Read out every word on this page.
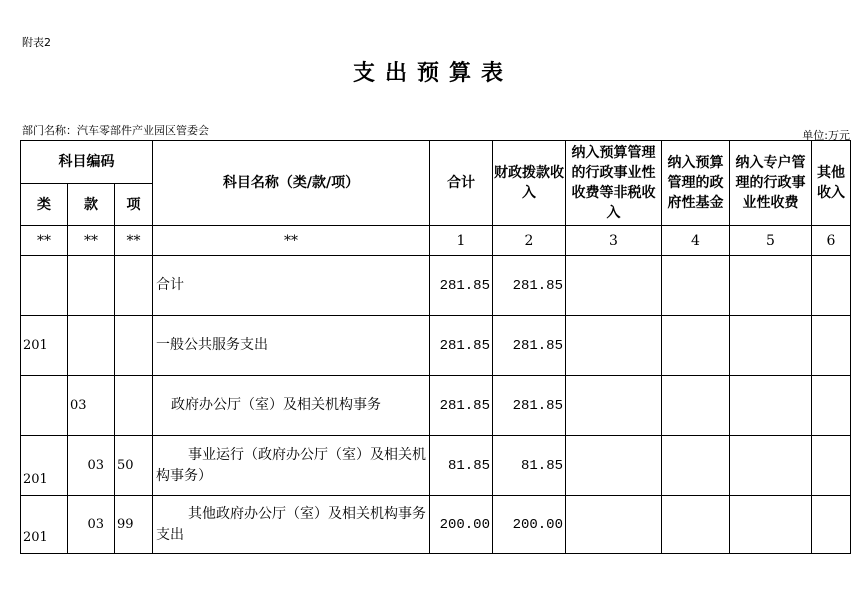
附表2
支出预算表
部门名称：汽车零部件产业园区管委会	单位:万元
科目编码			科目名称（类/款/项）	合计	财政拨款收入	纳入预算管理的行政事业性收费等非税收入	纳入预算管理的政府性基金	纳入专户管理的行政事业性收费	其他收入
类	款	项							
**	**	**	**	1	2	3	4	5	6
			合计	281.85	281.85				
201			一般公共服务支出	281.85	281.85				
	03		政府办公厅（室）及相关机构事务	281.85	281.85				
201	03	50	事业运行（政府办公厅（室）及相关机构事务）	81.85	81.85				
201	03	99	其他政府办公厅（室）及相关机构事务支出	200.00	200.00				
